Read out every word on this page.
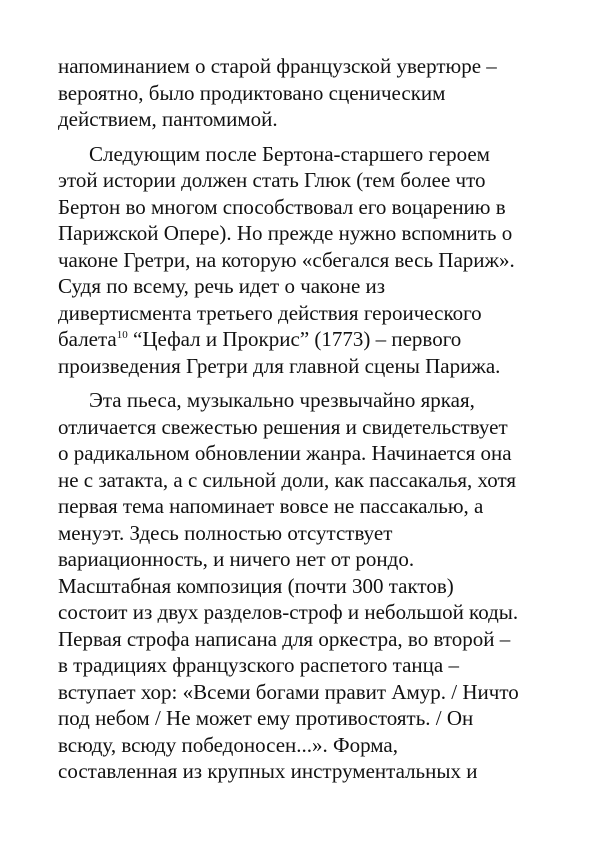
напоминанием о старой французской увертюре –
вероятно, было продиктовано сценическим
действием, пантомимой.
Следующим после Бертона-старшего героем
этой истории должен стать Глюк (тем более что
Бертон во многом способствовал его воцарению в
Парижской Опере). Но прежде нужно вспомнить о
чаконе Гретри, на которую «сбегался весь Париж».
Судя по всему, речь идет о чаконе из
дивертисмента третьего действия героического
балета$^{10}$ “Цефал и Прокрис” (1773) – первого
произведения Гретри для главной сцены Парижа.
Эта пьеса, музыкально чрезвычайно яркая,
отличается свежестью решения и свидетельствует
о радикальном обновлении жанра. Начинается она
не с затакта, а с сильной доли, как пассакалья, хотя
первая тема напоминает вовсе не пассакалью, а
менуэт. Здесь полностью отсутствует
вариационность, и ничего нет от рондо.
Масштабная композиция (почти 300 тактов)
состоит из двух разделов-строф и небольшой коды.
Первая строфа написана для оркестра, во второй –
в традициях французского распетого танца –
вступает хор: «Всеми богами правит Амур. / Ничто
под небом / Не может ему противостоять. / Он
всюду, всюду победоносен...». Форма,
составленная из крупных инструментальных и
